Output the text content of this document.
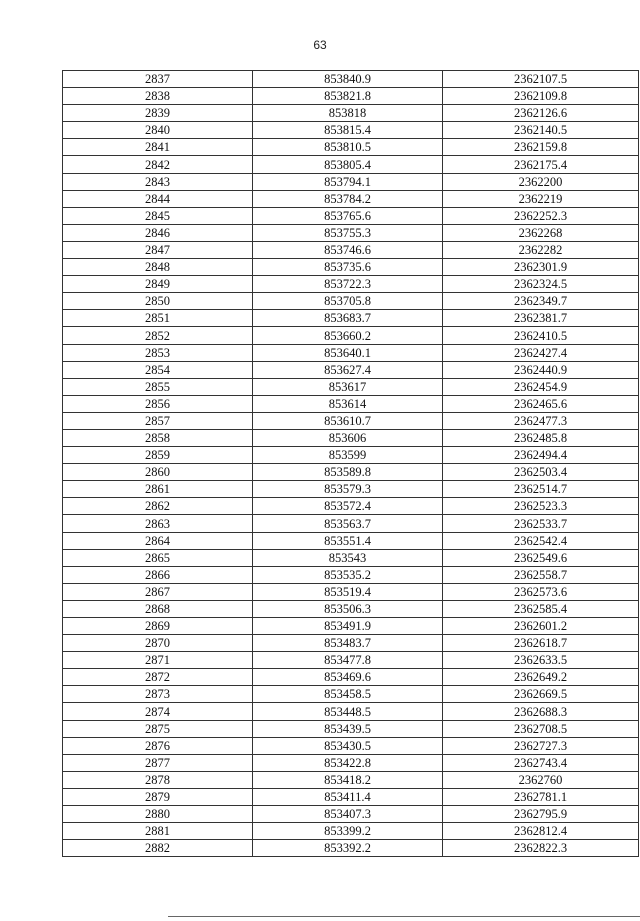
63
2837	853840.9	2362107.5
2838	853821.8	2362109.8
2839	853818	2362126.6
2840	853815.4	2362140.5
2841	853810.5	2362159.8
2842	853805.4	2362175.4
2843	853794.1	2362200
2844	853784.2	2362219
2845	853765.6	2362252.3
2846	853755.3	2362268
2847	853746.6	2362282
2848	853735.6	2362301.9
2849	853722.3	2362324.5
2850	853705.8	2362349.7
2851	853683.7	2362381.7
2852	853660.2	2362410.5
2853	853640.1	2362427.4
2854	853627.4	2362440.9
2855	853617	2362454.9
2856	853614	2362465.6
2857	853610.7	2362477.3
2858	853606	2362485.8
2859	853599	2362494.4
2860	853589.8	2362503.4
2861	853579.3	2362514.7
2862	853572.4	2362523.3
2863	853563.7	2362533.7
2864	853551.4	2362542.4
2865	853543	2362549.6
2866	853535.2	2362558.7
2867	853519.4	2362573.6
2868	853506.3	2362585.4
2869	853491.9	2362601.2
2870	853483.7	2362618.7
2871	853477.8	2362633.5
2872	853469.6	2362649.2
2873	853458.5	2362669.5
2874	853448.5	2362688.3
2875	853439.5	2362708.5
2876	853430.5	2362727.3
2877	853422.8	2362743.4
2878	853418.2	2362760
2879	853411.4	2362781.1
2880	853407.3	2362795.9
2881	853399.2	2362812.4
2882	853392.2	2362822.3
